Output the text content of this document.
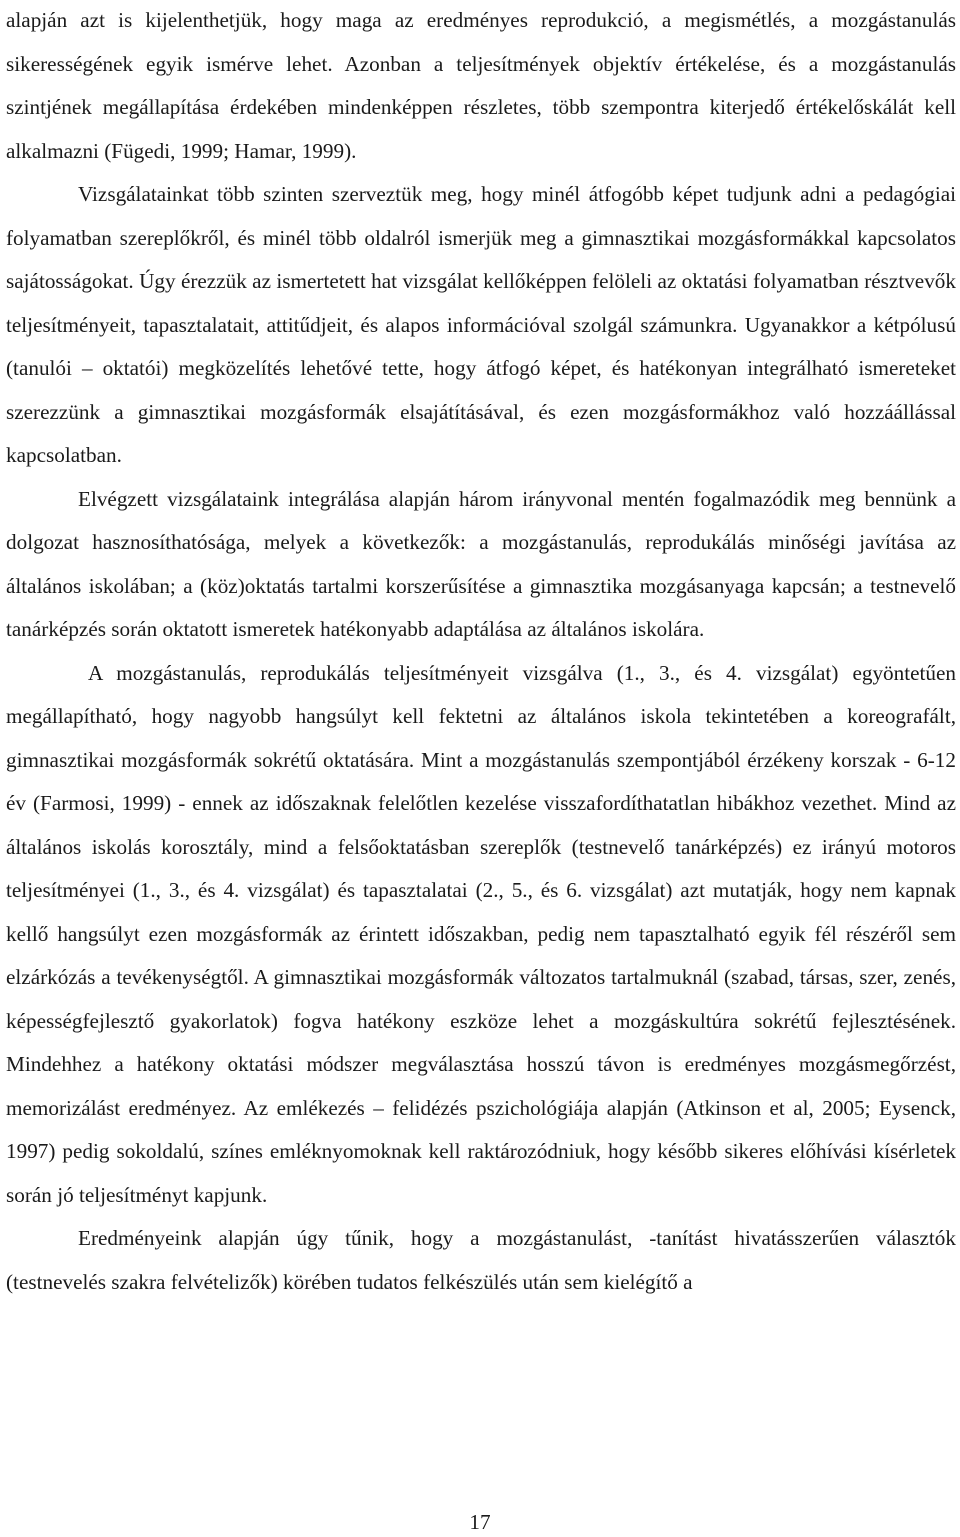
alapján azt is kijelenthetjük, hogy maga az eredményes reprodukció, a megismétlés, a mozgástanulás sikerességének egyik ismérve lehet. Azonban a teljesítmények objektív értékelése, és a mozgástanulás szintjének megállapítása érdekében mindenképpen részletes, több szempontra kiterjedő értékelőskálát kell alkalmazni (Fügedi, 1999; Hamar, 1999).

Vizsgálatainkat több szinten szerveztük meg, hogy minél átfogóbb képet tudjunk adni a pedagógiai folyamatban szereplőkről, és minél több oldalról ismerjük meg a gimnasztikai mozgásformákkal kapcsolatos sajátosságokat. Úgy érezzük az ismertetett hat vizsgálat kellőképpen felöleli az oktatási folyamatban résztvevők teljesítményeit, tapasztalatait, attitűdjeit, és alapos információval szolgál számunkra. Ugyanakkor a kétpólusú (tanulói – oktatói) megközelítés lehetővé tette, hogy átfogó képet, és hatékonyan integrálható ismereteket szerezzünk a gimnasztikai mozgásformák elsajátításával, és ezen mozgásformákhoz való hozzáállással kapcsolatban.

Elvégzett vizsgálataink integrálása alapján három irányvonal mentén fogalmazódik meg bennünk a dolgozat hasznosíthatósága, melyek a következők: a mozgástanulás, reprodukálás minőségi javítása az általános iskolában; a (köz)oktatás tartalmi korszerűsítése a gimnasztika mozgásanyaga kapcsán; a testnevelő tanárképzés során oktatott ismeretek hatékonyabb adaptálása az általános iskolára.

A mozgástanulás, reprodukálás teljesítményeit vizsgálva (1., 3., és 4. vizsgálat) egyöntetűen megállapítható, hogy nagyobb hangsúlyt kell fektetni az általános iskola tekintetében a koreografált, gimnasztikai mozgásformák sokrétű oktatására. Mint a mozgástanulás szempontjából érzékeny korszak - 6-12 év (Farmosi, 1999) - ennek az időszaknak felelőtlen kezelése visszafordíthatatlan hibákhoz vezethet. Mind az általános iskolás korosztály, mind a felsőoktatásban szereplők (testnevelő tanárképzés) ez irányú motoros teljesítményei (1., 3., és 4. vizsgálat) és tapasztalatai (2., 5., és 6. vizsgálat) azt mutatják, hogy nem kapnak kellő hangsúlyt ezen mozgásformák az érintett időszakban, pedig nem tapasztalható egyik fél részéről sem elzárkózás a tevékenységtől. A gimnasztikai mozgásformák változatos tartalmuknál (szabad, társas, szer, zenés, képességfejlesztő gyakorlatok) fogva hatékony eszköze lehet a mozgáskultúra sokrétű fejlesztésének. Mindehhez a hatékony oktatási módszer megválasztása hosszú távon is eredményes mozgásmegőrzést, memorizálást eredményez. Az emlékezés – felidézés pszichológiája alapján (Atkinson et al, 2005; Eysenck, 1997) pedig sokoldalú, színes emléknyomoknak kell raktározódniuk, hogy később sikeres előhívási kísérletek során jó teljesítményt kapjunk.

Eredményeink alapján úgy tűnik, hogy a mozgástanulást, -tanítást hivatásszerűen választók (testnevelés szakra felvételizők) körében tudatos felkészülés után sem kielégítő a

17
